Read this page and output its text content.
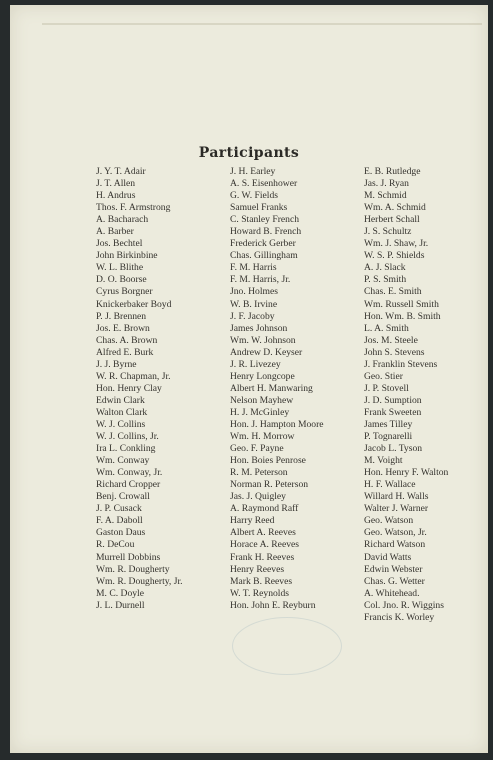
Participants
J. Y. T. Adair
J. T. Allen
H. Andrus
Thos. F. Armstrong
A. Bacharach
A. Barber
Jos. Bechtel
John Birkinbine
W. L. Blithe
D. O. Boorse
Cyrus Borgner
Knickerbaker Boyd
P. J. Brennen
Jos. E. Brown
Chas. A. Brown
Alfred E. Burk
J. J. Byrne
W. R. Chapman, Jr.
Hon. Henry Clay
Edwin Clark
Walton Clark
W. J. Collins
W. J. Collins, Jr.
Ira L. Conkling
Wm. Conway
Wm. Conway, Jr.
Richard Cropper
Benj. Crowall
J. P. Cusack
F. A. Daboll
Gaston Daus
R. DeCou
Murrell Dobbins
Wm. R. Dougherty
Wm. R. Dougherty, Jr.
M. C. Doyle
J. L. Durnell
J. H. Earley
A. S. Eisenhower
G. W. Fields
Samuel Franks
C. Stanley French
Howard B. French
Frederick Gerber
Chas. Gillingham
F. M. Harris
F. M. Harris, Jr.
Jno. Holmes
W. B. Irvine
J. F. Jacoby
James Johnson
Wm. W. Johnson
Andrew D. Keyser
J. R. Livezey
Henry Longcope
Albert H. Manwaring
Nelson Mayhew
H. J. McGinley
Hon. J. Hampton Moore
Wm. H. Morrow
Geo. F. Payne
Hon. Boies Penrose
R. M. Peterson
Norman R. Peterson
Jas. J. Quigley
A. Raymond Raff
Harry Reed
Albert A. Reeves
Horace A. Reeves
Frank H. Reeves
Henry Reeves
Mark B. Reeves
W. T. Reynolds
Hon. John E. Reyburn
E. B. Rutledge
Jas. J. Ryan
M. Schmid
Wm. A. Schmid
Herbert Schall
J. S. Schultz
Wm. J. Shaw, Jr.
W. S. P. Shields
A. J. Slack
P. S. Smith
Chas. E. Smith
Wm. Russell Smith
Hon. Wm. B. Smith
L. A. Smith
Jos. M. Steele
John S. Stevens
J. Franklin Stevens
Geo. Stier
J. P. Stovell
J. D. Sumption
Frank Sweeten
James Tilley
P. Tognarelli
Jacob L. Tyson
M. Voight
Hon. Henry F. Walton
H. F. Wallace
Willard H. Walls
Walter J. Warner
Geo. Watson
Geo. Watson, Jr.
Richard Watson
David Watts
Edwin Webster
Chas. G. Wetter
A. Whitehead.
Col. Jno. R. Wiggins
Francis K. Worley
